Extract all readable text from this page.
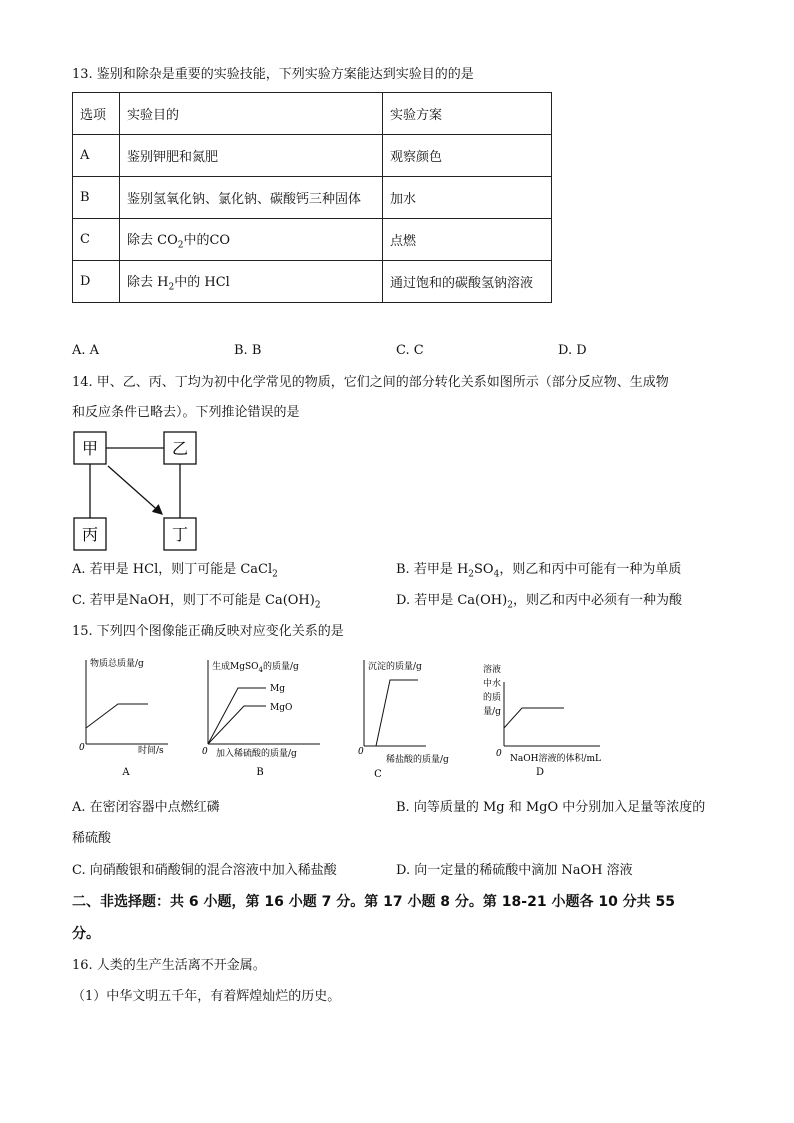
13. 鉴别和除杂是重要的实验技能，下列实验方案能达到实验目的的是
选项	实验目的	实验方案
A	鉴别钾肥和氮肥	观察颜色
B	鉴别氢氧化钠、氯化钠、碳酸钙三种固体	加水
C	除去 $CO_2$中的CO	点燃
D	除去 $H_2$中的 HCl	通过饱和的碳酸氢钠溶液
A. A	B. B	C. C	D. D
14. 甲、乙、丙、丁均为初中化学常见的物质，它们之间的部分转化关系如图所示（部分反应物、生成物
和反应条件已略去）。下列推论错误的是
甲	乙
丙	丁
A. 若甲是 HCl，则丁可能是 CaCl$_2$	B. 若甲是 $H_2SO_4$，则乙和丙中可能有一种为单质
C. 若甲是NaOH，则丁不可能是 $Ca(OH)_2$	D. 若甲是 $Ca(OH)_2$，则乙和丙中必须有一种为酸
15. 下列四个图像能正确反映对应变化关系的是
物质总质量/g
0	时间/s
A
生成MgSO$_4$的质量/g
Mg
MgO
0 加入稀硫酸的质量/g
B
沉淀的质量/g
0
稀盐酸的质量/g
C
溶液
中水
的质
量/g
0 NaOH溶液的体积/mL
D
A. 在密闭容器中点燃红磷	B. 向等质量的 Mg 和 MgO 中分别加入足量等浓度的
稀硫酸
C. 向硝酸银和硝酸铜的混合溶液中加入稀盐酸	D. 向一定量的稀硫酸中滴加 NaOH 溶液
二、非选择题：共 6 小题，第 16 小题 7 分。第 17 小题 8 分。第 18-21 小题各 10 分共 55
分。
16. 人类的生产生活离不开金属。
（1）中华文明五千年，有着辉煌灿烂的历史。
